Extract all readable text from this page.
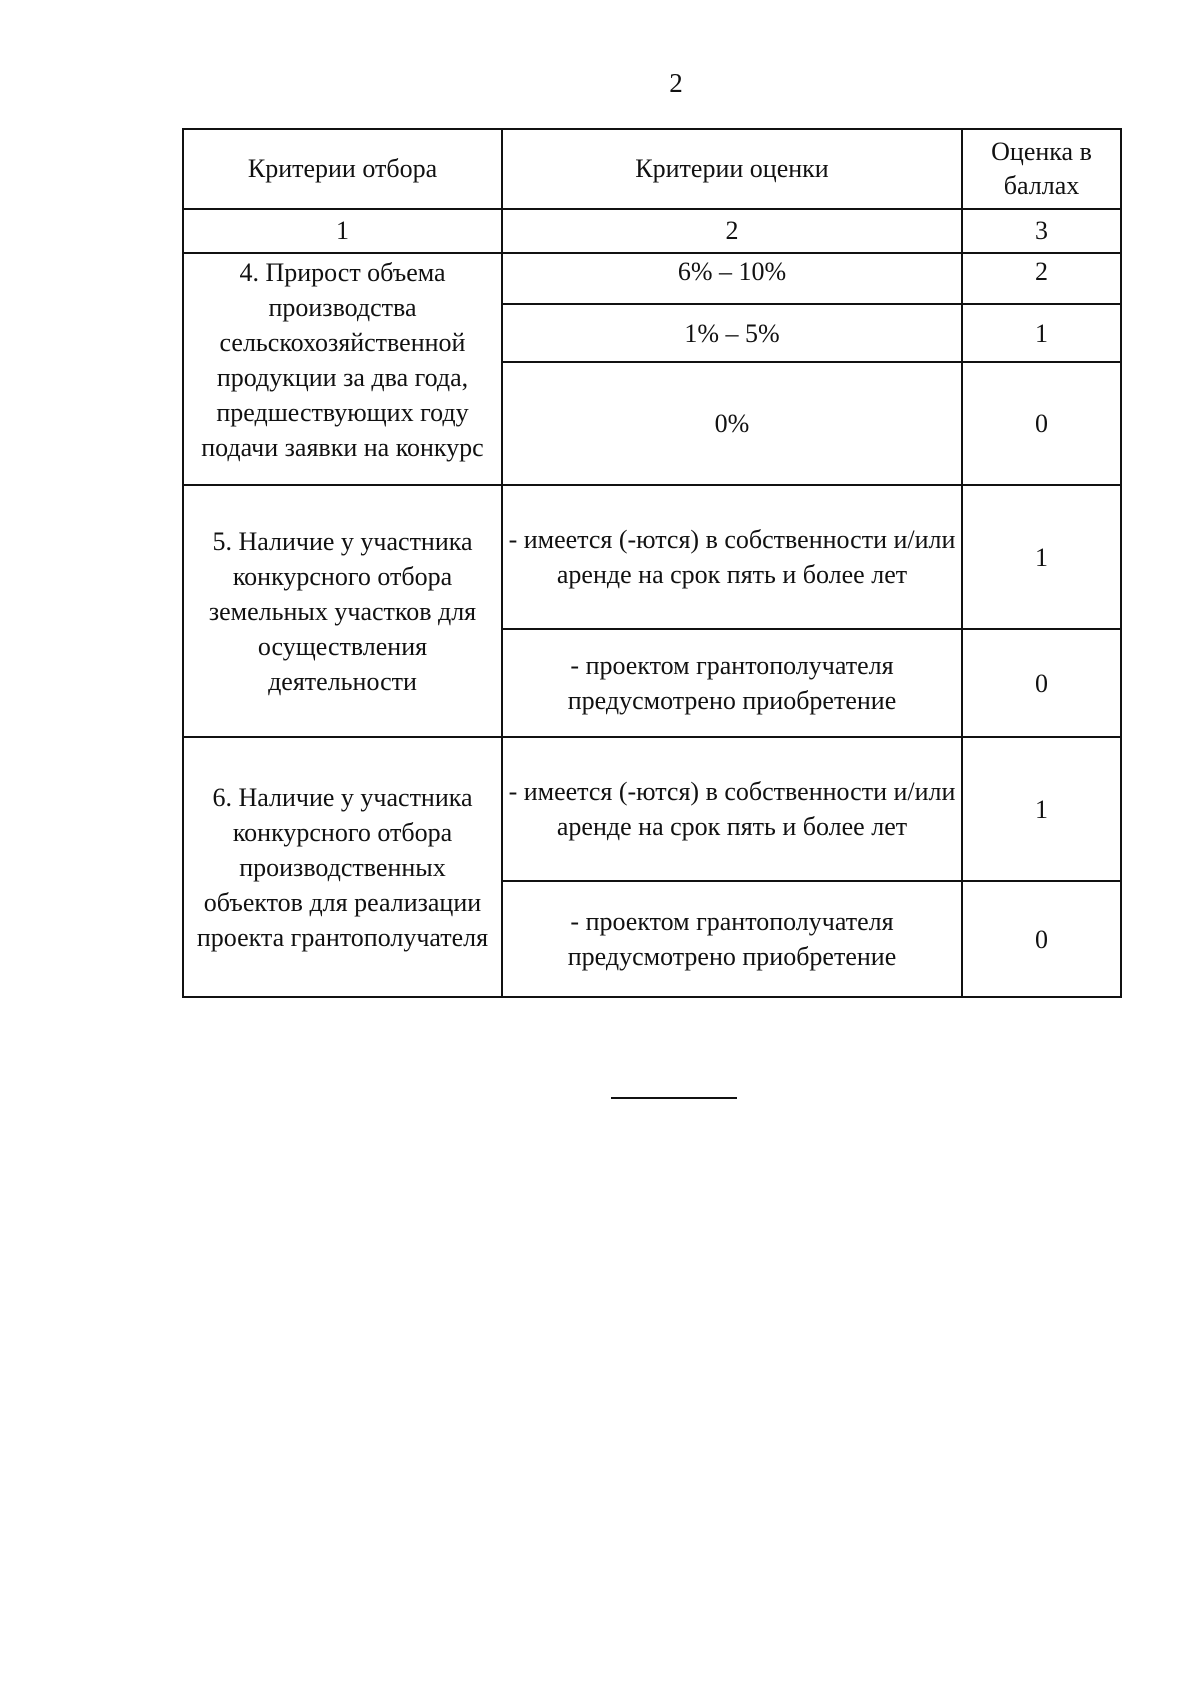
2
Критерии отбора	Критерии оценки	Оценка в баллах
1	2	3
4. Прирост объема производства сельскохозяйственной продукции за два года, предшествующих году подачи заявки на конкурс	6% – 10%	2
	1% – 5%	1
	0%	0
5. Наличие у участника конкурсного отбора земельных участков для осуществления деятельности	- имеется (-ются) в собственности и/или аренде на срок пять и более лет	1
	- проектом грантополучателя предусмотрено приобретение	0
6. Наличие у участника конкурсного отбора производственных объектов для реализации проекта грантополучателя	- имеется (-ются) в собственности и/или аренде на срок пять и более лет	1
	- проектом грантополучателя предусмотрено приобретение	0
